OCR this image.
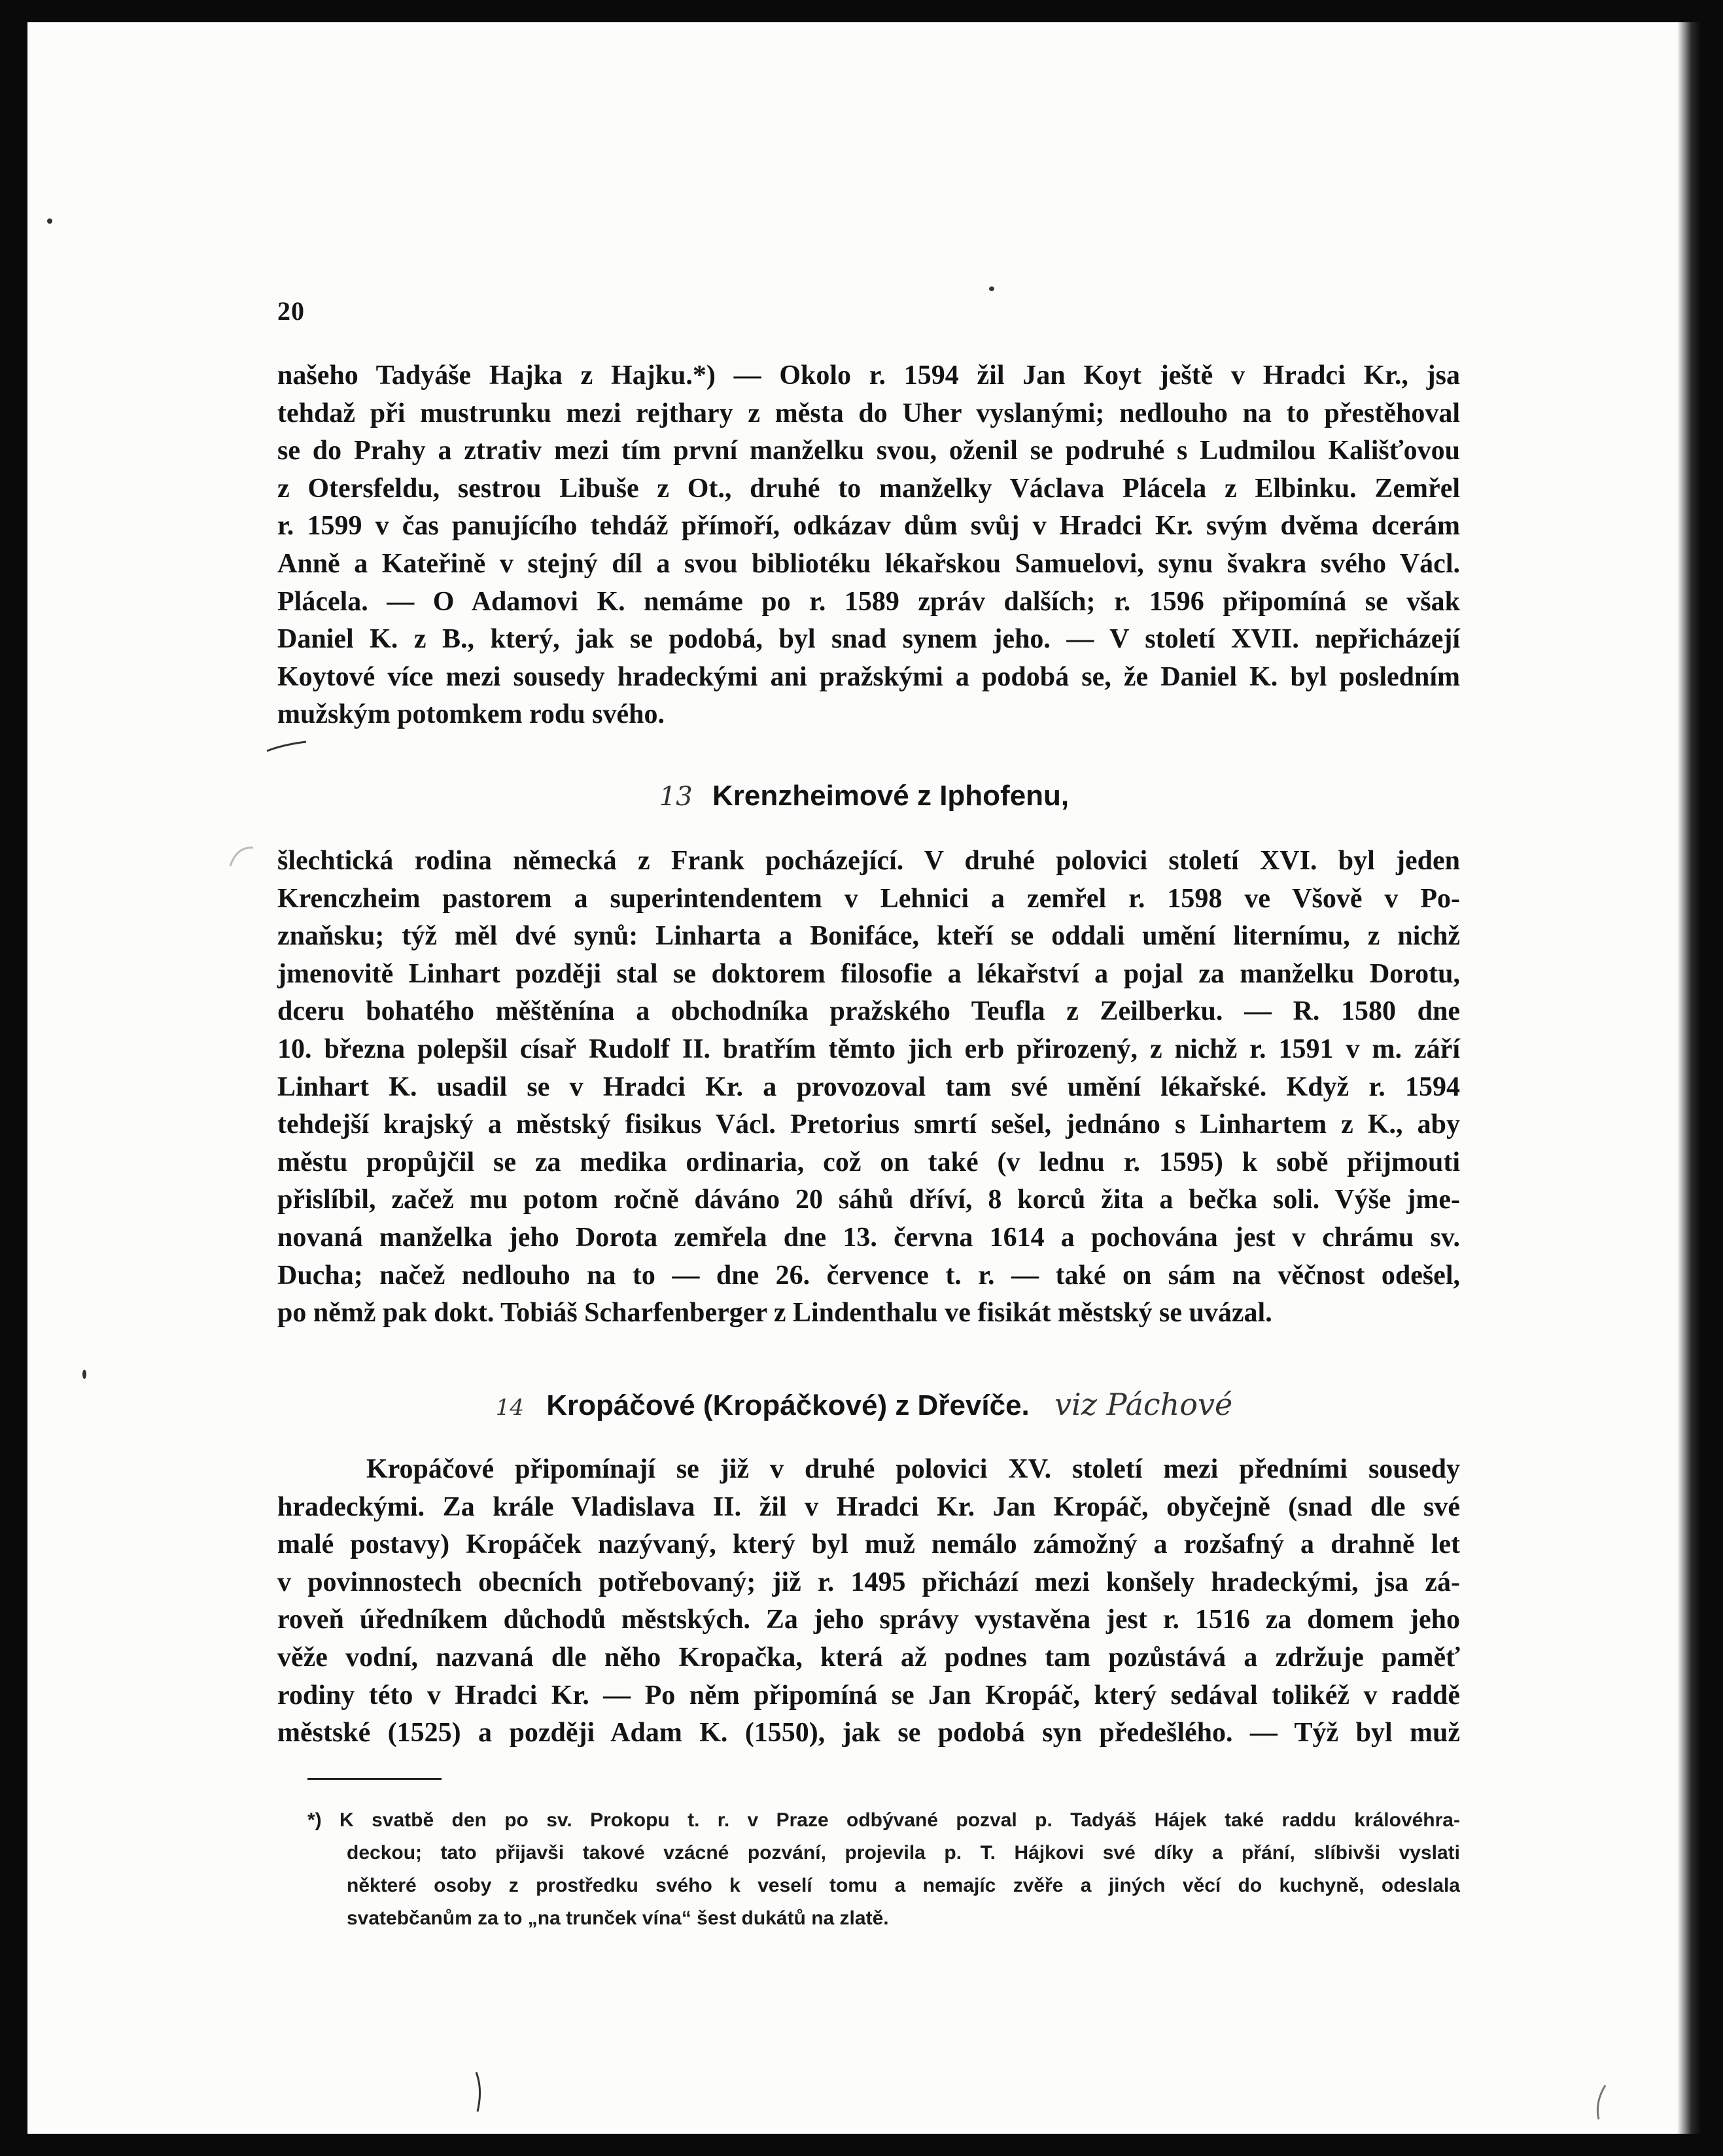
20
našeho Tadyáše Hajka z Hajku.*) — Okolo r. 1594 žil Jan Koyt ještě v Hradci Kr., jsa
tehdaž při mustrunku mezi rejthary z města do Uher vyslanými; nedlouho na to přestěhoval
se do Prahy a ztrativ mezi tím první manželku svou, oženil se podruhé s Ludmilou Kališťovou
z Otersfeldu, sestrou Libuše z Ot., druhé to manželky Václava Plácela z Elbinku. Zemřel
r. 1599 v čas panujícího tehdáž přímoří, odkázav dům svůj v Hradci Kr. svým dvěma dcerám
Anně a Kateřině v stejný díl a svou bibliotéku lékařskou Samuelovi, synu švakra svého Václ.
Plácela. — O Adamovi K. nemáme po r. 1589 zpráv dalších; r. 1596 připomíná se však
Daniel K. z B., který, jak se podobá, byl snad synem jeho. — V století XVII. nepřicházejí
Koytové více mezi sousedy hradeckými ani pražskými a podobá se, že Daniel K. byl posledním
mužským potomkem rodu svého.
13 Krenzheimové z Iphofenu,
šlechtická rodina německá z Frank pocházející. V druhé polovici století XVI. byl jeden
Krenczheim pastorem a superintendentem v Lehnici a zemřel r. 1598 ve Všově v Po-
znaňsku; týž měl dvé synů: Linharta a Bonifáce, kteří se oddali umění liternímu, z nichž
jmenovitě Linhart později stal se doktorem filosofie a lékařství a pojal za manželku Dorotu,
dceru bohatého měštěnína a obchodníka pražského Teufla z Zeilberku. — R. 1580 dne
10. března polepšil císař Rudolf II. bratřím těmto jich erb přirozený, z nichž r. 1591 v m. září
Linhart K. usadil se v Hradci Kr. a provozoval tam své umění lékařské. Když r. 1594
tehdejší krajský a městský fisikus Václ. Pretorius smrtí sešel, jednáno s Linhartem z K., aby
městu propůjčil se za medika ordinaria, což on také (v lednu r. 1595) k sobě přijmouti
přislíbil, začež mu potom ročně dáváno 20 sáhů dříví, 8 korců žita a bečka soli. Výše jme-
novaná manželka jeho Dorota zemřela dne 13. června 1614 a pochována jest v chrámu sv.
Ducha; načež nedlouho na to — dne 26. července t. r. — také on sám na věčnost odešel,
po němž pak dokt. Tobiáš Scharfenberger z Lindenthalu ve fisikát městský se uvázal.
14 Kropáčové (Kropáčkové) z Dřevíče. viz Páchové
Kropáčové připomínají se již v druhé polovici XV. století mezi předními sousedy
hradeckými. Za krále Vladislava II. žil v Hradci Kr. Jan Kropáč, obyčejně (snad dle své
malé postavy) Kropáček nazývaný, který byl muž nemálo zámožný a rozšafný a drahně let
v povinnostech obecních potřebovaný; již r. 1495 přichází mezi konšely hradeckými, jsa zá-
roveň úředníkem důchodů městských. Za jeho správy vystavěna jest r. 1516 za domem jeho
věže vodní, nazvaná dle něho Kropačka, která až podnes tam pozůstává a zdržuje paměť
rodiny této v Hradci Kr. — Po něm připomíná se Jan Kropáč, který sedával tolikéž v raddě
městské (1525) a později Adam K. (1550), jak se podobá syn předešlého. — Týž byl muž
*) K svatbě den po sv. Prokopu t. r. v Praze odbývané pozval p. Tadyáš Hájek také raddu královéhra-
deckou; tato přijavši takové vzácné pozvání, projevila p. T. Hájkovi své díky a přání, slíbivši vyslati
některé osoby z prostředku svého k veselí tomu a nemajíc zvěře a jiných věcí do kuchyně, odeslala
svatebčanům za to „na trunček vína“ šest dukátů na zlatě.
